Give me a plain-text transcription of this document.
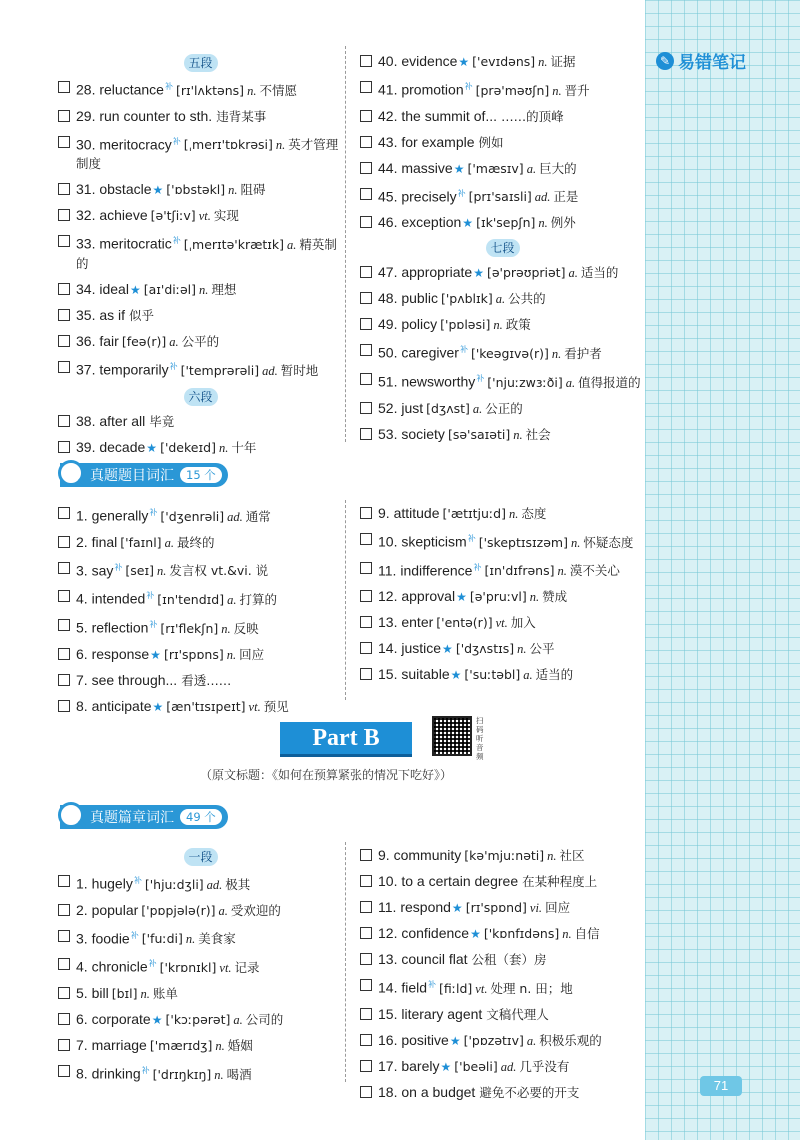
✎ 易错笔记
五段
28. reluctance$^补$ [rɪ'lʌktəns] n. 不情愿
29. run counter to sth. 违背某事
30. meritocracy$^补$ [ˌmerɪ'tɒkrəsi] n. 英才管理制度
31. obstacle★ ['ɒbstəkl] n. 阻碍
32. achieve [ə'tʃiːv] vt. 实现
33. meritocratic$^补$ [ˌmerɪtə'krætɪk] a. 精英制的
34. ideal★ [aɪ'diːəl] n. 理想
35. as if 似乎
36. fair [feə(r)] a. 公平的
37. temporarily$^补$ ['temprərəli] ad. 暂时地
六段
38. after all 毕竟
39. decade★ ['dekeɪd] n. 十年
40. evidence★ ['evɪdəns] n. 证据
41. promotion$^补$ [prə'məʊʃn] n. 晋升
42. the summit of... ……的顶峰
43. for example 例如
44. massive★ ['mæsɪv] a. 巨大的
45. precisely$^补$ [prɪ'saɪsli] ad. 正是
46. exception★ [ɪk'sepʃn] n. 例外
七段
47. appropriate★ [ə'prəʊpriət] a. 适当的
48. public ['pʌblɪk] a. 公共的
49. policy ['pɒləsi] n. 政策
50. caregiver$^补$ ['keəgɪvə(r)] n. 看护者
51. newsworthy$^补$ ['njuːzwɜːði] a. 值得报道的
52. just [dʒʌst] a. 公正的
53. society [sə'saɪəti] n. 社会
真题题目词汇	15 个
1. generally$^补$ ['dʒenrəli] ad. 通常
2. final ['faɪnl] a. 最终的
3. say$^补$ [seɪ] n. 发言权 vt.&vi. 说
4. intended$^补$ [ɪn'tendɪd] a. 打算的
5. reflection$^补$ [rɪ'flekʃn] n. 反映
6. response★ [rɪ'spɒns] n. 回应
7. see through... 看透……
8. anticipate★ [æn'tɪsɪpeɪt] vt. 预见
9. attitude ['ætɪtjuːd] n. 态度
10. skepticism$^补$ ['skeptɪsɪzəm] n. 怀疑态度
11. indifference$^补$ [ɪn'dɪfrəns] n. 漠不关心
12. approval★ [ə'pruːvl] n. 赞成
13. enter ['entə(r)] vt. 加入
14. justice★ ['dʒʌstɪs] n. 公平
15. suitable★ ['suːtəbl] a. 适当的
Part B
扫码听音频
（原文标题：《如何在预算紧张的情况下吃好》）
真题篇章词汇	49 个
一段
1. hugely$^补$ ['hjuːdʒli] ad. 极其
2. popular ['pɒpjələ(r)] a. 受欢迎的
3. foodie$^补$ ['fuːdi] n. 美食家
4. chronicle$^补$ ['krɒnɪkl] vt. 记录
5. bill [bɪl] n. 账单
6. corporate★ ['kɔːpərət] a. 公司的
7. marriage ['mærɪdʒ] n. 婚姻
8. drinking$^补$ ['drɪŋkɪŋ] n. 喝酒
9. community [kə'mjuːnəti] n. 社区
10. to a certain degree 在某种程度上
11. respond★ [rɪ'spɒnd] vi. 回应
12. confidence★ ['kɒnfɪdəns] n. 自信
13. council flat 公租（套）房
14. field$^补$ [fiːld] vt. 处理 n. 田；地
15. literary agent 文稿代理人
16. positive★ ['pɒzətɪv] a. 积极乐观的
17. barely★ ['beəli] ad. 几乎没有
18. on a budget 避免不必要的开支	71
